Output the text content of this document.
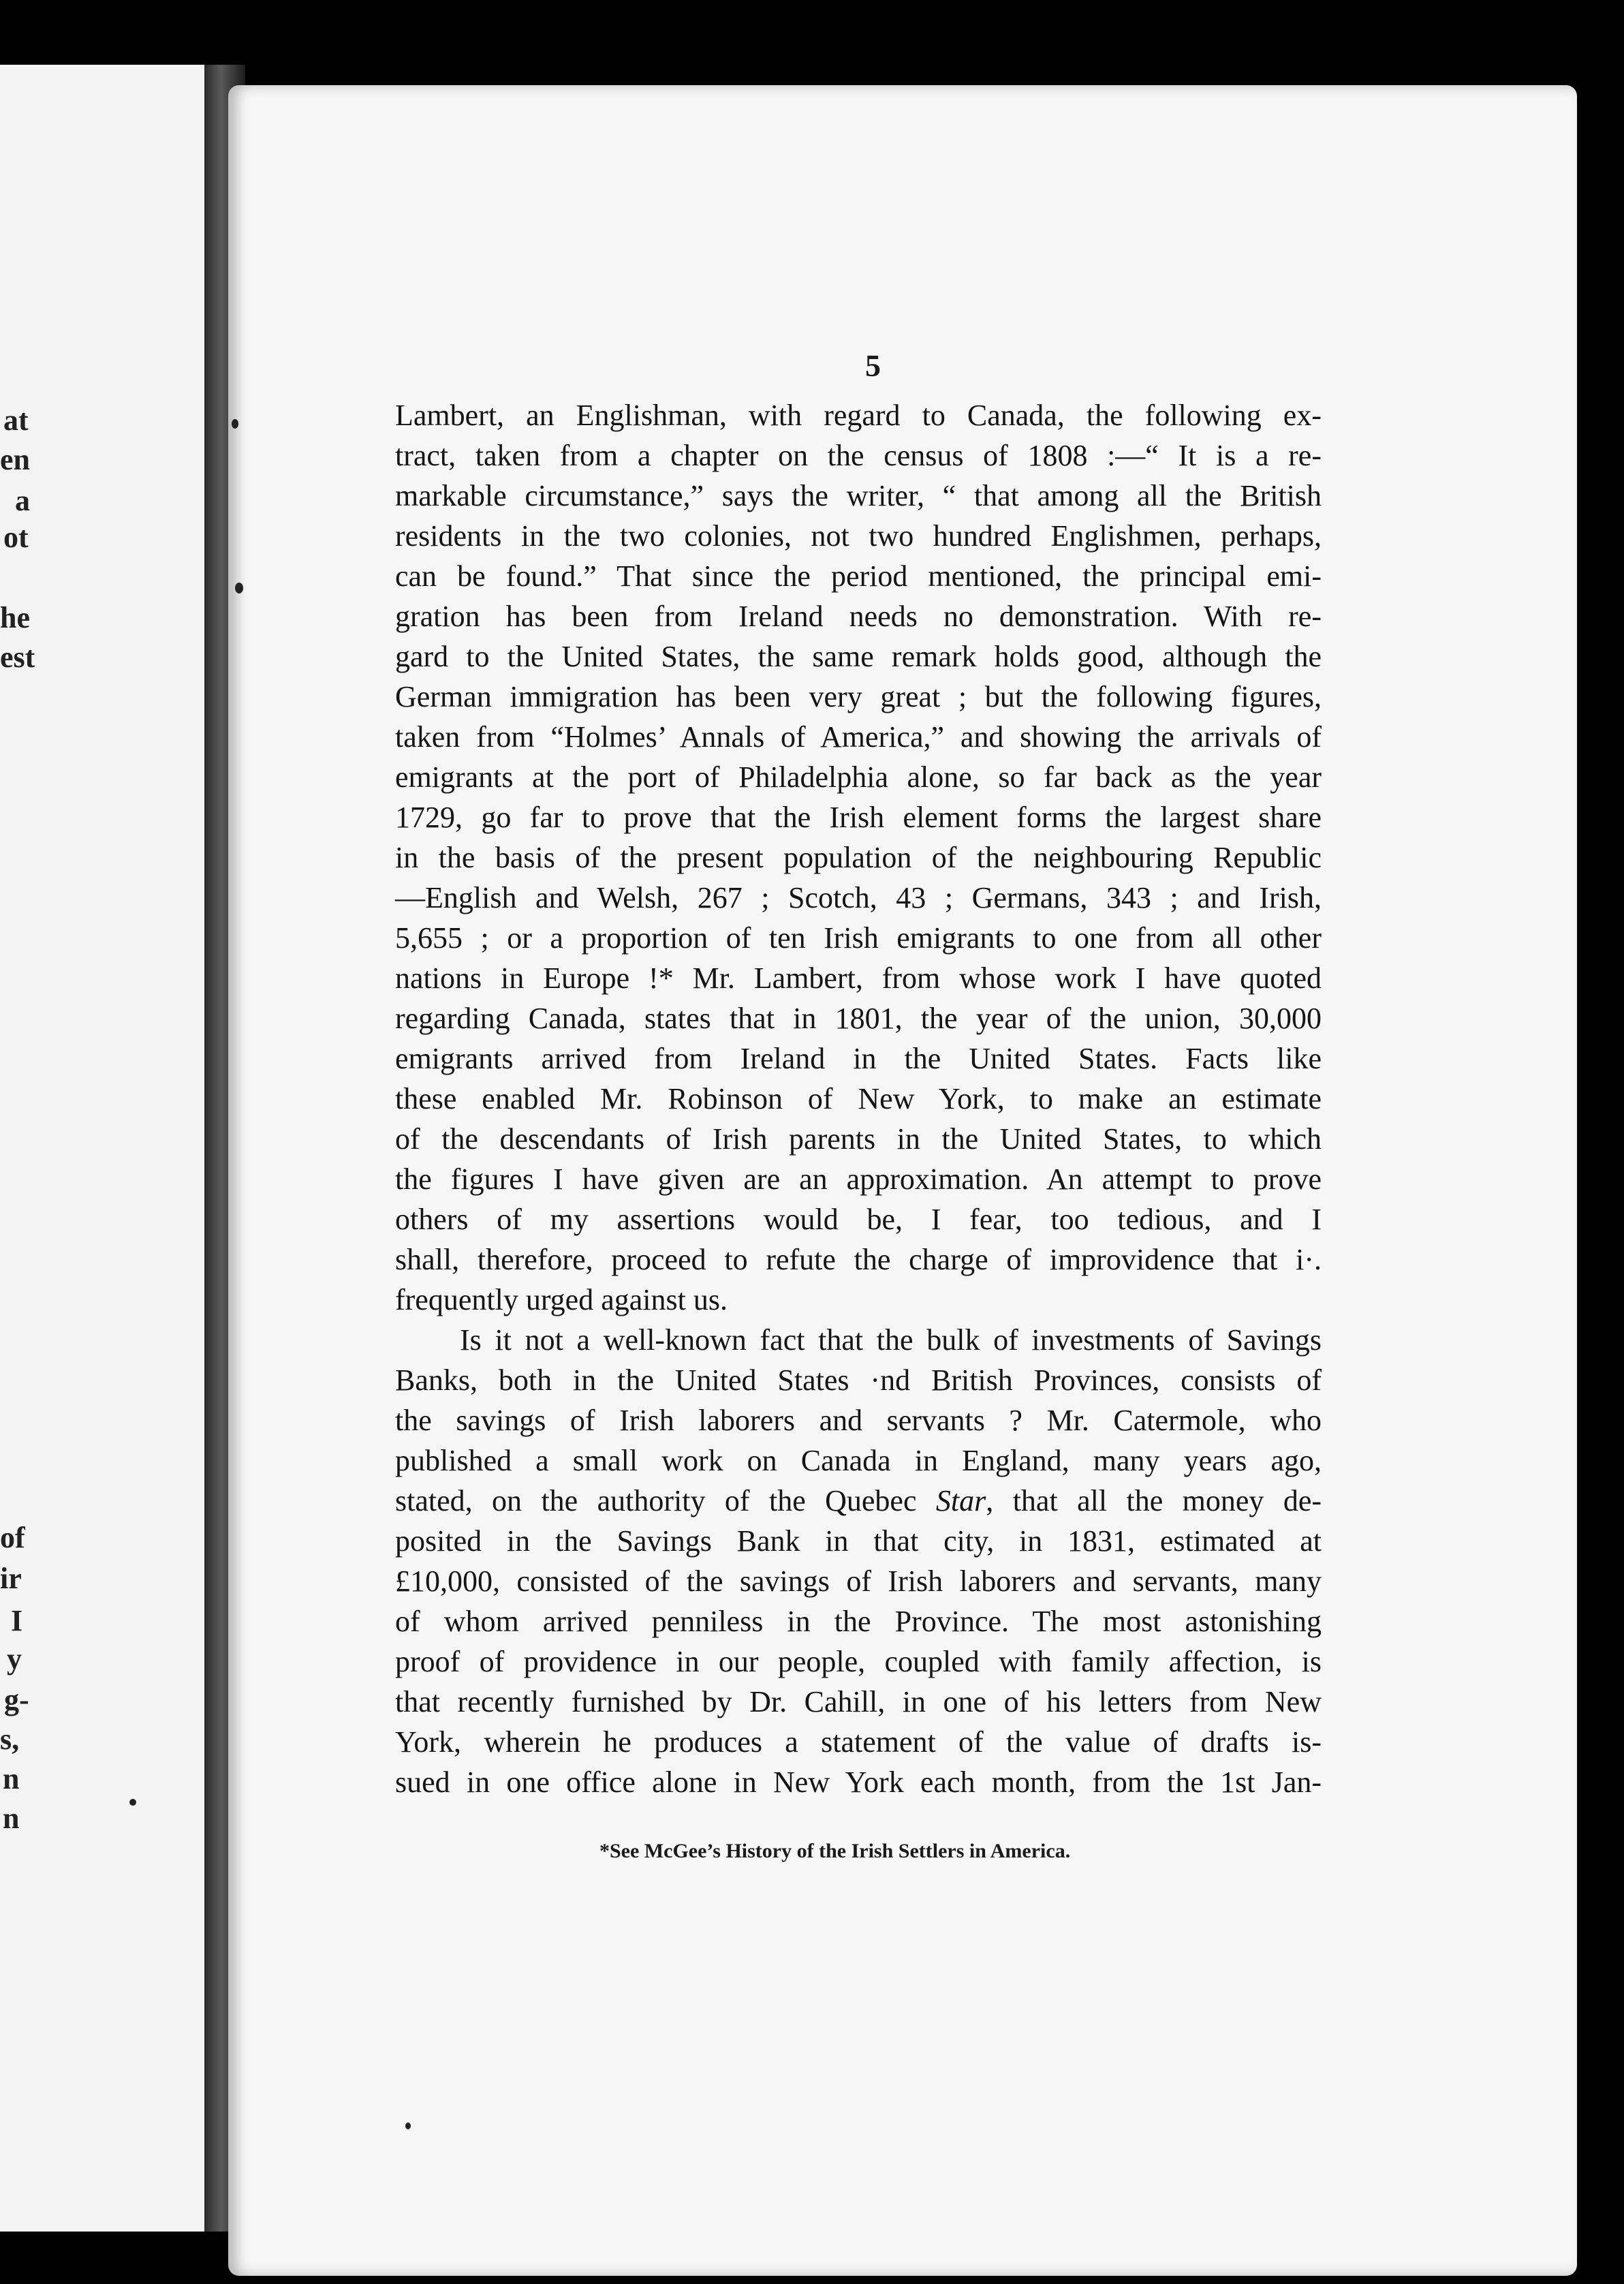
at
en
a
ot
he
est
of
ir
I
y
g-
s,
n
n
5
Lambert, an Englishman, with regard to Canada, the following ex-
tract, taken from a chapter on the census of 1808 :—“ It is a re-
markable circumstance,” says the writer, “ that among all the British
residents in the two colonies, not two hundred Englishmen, perhaps,
can be found.” That since the period mentioned, the principal emi-
gration has been from Ireland needs no demonstration. With re-
gard to the United States, the same remark holds good, although the
German immigration has been very great ; but the following figures,
taken from “Holmes’ Annals of America,” and showing the arrivals of
emigrants at the port of Philadelphia alone, so far back as the year
1729, go far to prove that the Irish element forms the largest share
in the basis of the present population of the neighbouring Republic
—English and Welsh, 267 ; Scotch, 43 ; Germans, 343 ; and Irish,
5,655 ; or a proportion of ten Irish emigrants to one from all other
nations in Europe !* Mr. Lambert, from whose work I have quoted
regarding Canada, states that in 1801, the year of the union, 30,000
emigrants arrived from Ireland in the United States. Facts like
these enabled Mr. Robinson of New York, to make an estimate
of the descendants of Irish parents in the United States, to which
the figures I have given are an approximation. An attempt to prove
others of my assertions would be, I fear, too tedious, and I
shall, therefore, proceed to refute the charge of improvidence that i·.
frequently urged against us.
Is it not a well-known fact that the bulk of investments of Savings
Banks, both in the United States ·nd British Provinces, consists of
the savings of Irish laborers and servants ? Mr. Catermole, who
published a small work on Canada in England, many years ago,
stated, on the authority of the Quebec Star, that all the money de-
posited in the Savings Bank in that city, in 1831, estimated at
£10,000, consisted of the savings of Irish laborers and servants, many
of whom arrived penniless in the Province. The most astonishing
proof of providence in our people, coupled with family affection, is
that recently furnished by Dr. Cahill, in one of his letters from New
York, wherein he produces a statement of the value of drafts is-
sued in one office alone in New York each month, from the 1st Jan-
*See McGee’s History of the Irish Settlers in America.
